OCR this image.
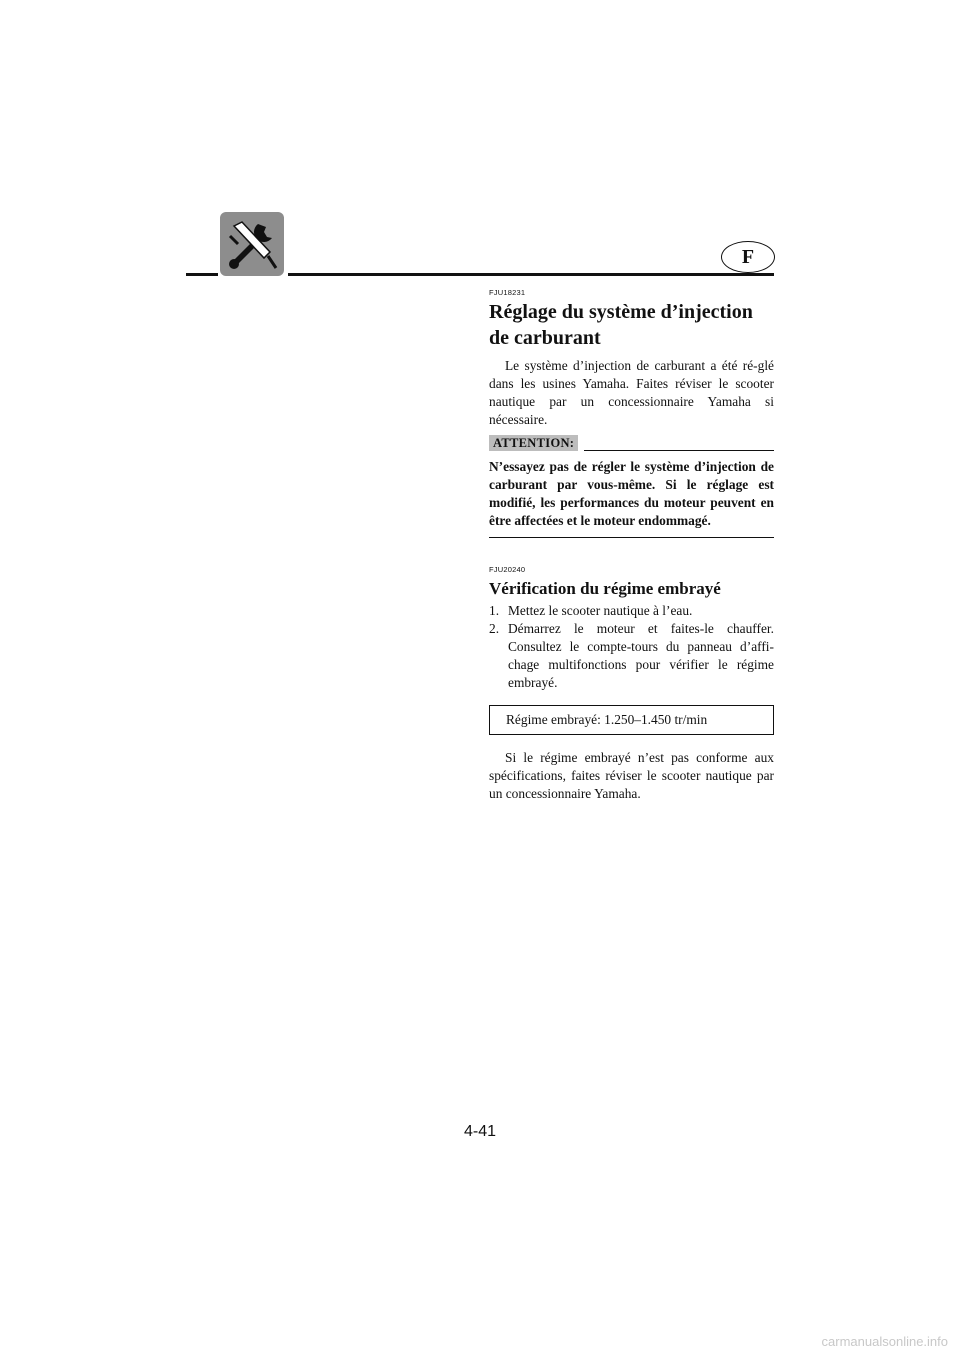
F

FJU18231

Réglage du système d’injection de carburant

Le système d’injection de carburant a été ré-glé dans les usines Yamaha. Faites réviser le scooter nautique par un concessionnaire Yamaha si nécessaire.

ATTENTION:
N’essayez pas de régler le système d’injection de carburant par vous-même. Si le réglage est modifié, les performances du moteur peuvent en être affectées et le moteur endommagé.

FJU20240

Vérification du régime embrayé
1. Mettez le scooter nautique à l’eau.
2. Démarrez le moteur et faites-le chauffer. Consultez le compte-tours du panneau d’affi-chage multifonctions pour vérifier le régime embrayé.
Régime embrayé: 1.250–1.450 tr/min

Si le régime embrayé n’est pas conforme aux spécifications, faites réviser le scooter nautique par un concessionnaire Yamaha.

4-41
carmanualsonline.info
